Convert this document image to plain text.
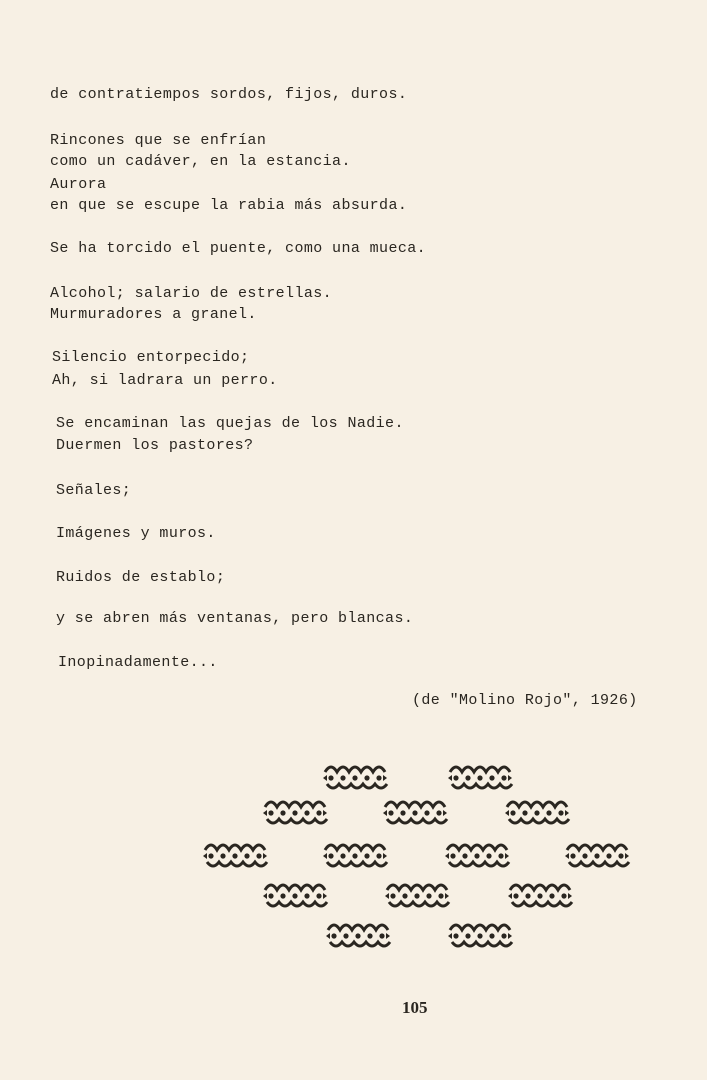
de contratiempos sordos, fijos, duros.
Rincones que se enfrían
como un cadáver, en la estancia.
Aurora
en que se escupe la rabia más absurda.
Se ha torcido el puente, como una mueca.
Alcohol; salario de estrellas.
Murmuradores a granel.
Silencio entorpecido;
Ah, si ladrara un perro.
Se encaminan las quejas de los Nadie.
Duermen los pastores?
Señales;
Imágenes y muros.
Ruidos de establo;
y se abren más ventanas, pero blancas.
Inopinadamente...
(de "Molino Rojo", 1926)
105
